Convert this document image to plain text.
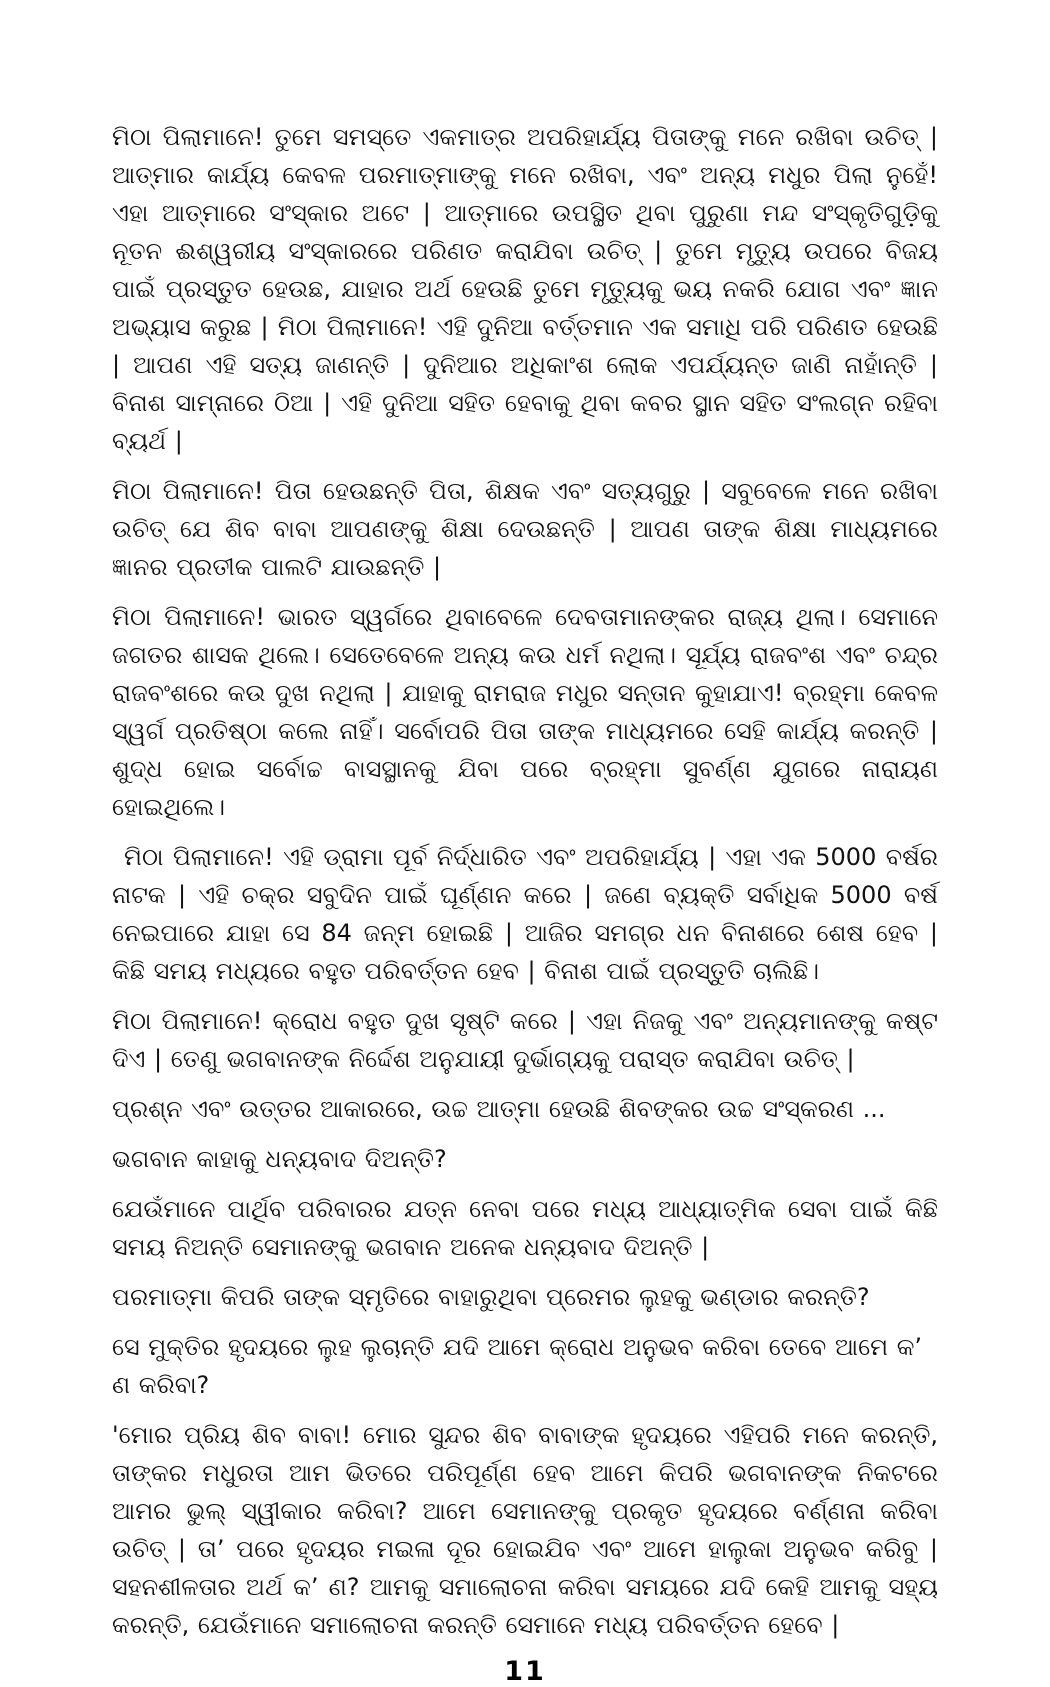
ମିଠା ପିଲାମାନେ! ତୁମେ ସମସ୍ତେ ଏକମାତ୍ର ଅପରିହାର୍ଯ୍ୟ ପିତାଙ୍କୁ ମନେ ରଖିବା ଉଚିତ୍ | ଆତ୍ମାର କାର୍ଯ୍ୟ କେବଳ ପରମାତ୍ମାଙ୍କୁ ମନେ ରଖିବା, ଏବଂ ଅନ୍ୟ ମଧୁର ପିଲା ନୁହେଁ! ଏହା ଆତ୍ମାରେ ସଂସ୍କାର ଅଟେ | ଆତ୍ମାରେ ଉପସ୍ଥିତ ଥିବା ପୁରୁଣା ମନ୍ଦ ସଂସ୍କୃତିଗୁଡ଼ିକୁ ନୂତନ ଈଶ୍ୱରୀୟ ସଂସ୍କାରରେ ପରିଣତ କରାଯିବା ଉଚିତ୍ | ତୁମେ ମୃତ୍ୟୁ ଉପରେ ବିଜୟ ପାଇଁ ପ୍ରସ୍ତୁତ ହେଉଛ, ଯାହାର ଅର୍ଥ ହେଉଛି ତୁମେ ମୃତ୍ୟୁକୁ ଭୟ ନକରି ଯୋଗ ଏବଂ ଜ୍ଞାନ ଅଭ୍ୟାସ କରୁଛ | ମିଠା ପିଲାମାନେ! ଏହି ଦୁନିଆ ବର୍ତ୍ତମାନ ଏକ ସମାଧି ପରି ପରିଣତ ହେଉଛି | ଆପଣ ଏହି ସତ୍ୟ ଜାଣନ୍ତି | ଦୁନିଆର ଅଧିକାଂଶ ଲୋକ ଏପର୍ଯ୍ୟନ୍ତ ଜାଣି ନାହାଁନ୍ତି | ବିନାଶ ସାମ୍ନାରେ ଠିଆ | ଏହି ଦୁନିଆ ସହିତ ହେବାକୁ ଥିବା କବର ସ୍ଥାନ ସହିତ ସଂଲଗ୍ନ ରହିବା ବ୍ୟର୍ଥ |

ମିଠା ପିଲାମାନେ! ପିତା ହେଉଛନ୍ତି ପିତା, ଶିକ୍ଷକ ଏବଂ ସତ୍ୟଗୁରୁ | ସବୁବେଳେ ମନେ ରଖିବା ଉଚିତ୍ ଯେ ଶିବ ବାବା ଆପଣଙ୍କୁ ଶିକ୍ଷା ଦେଉଛନ୍ତି | ଆପଣ ତାଙ୍କ ଶିକ୍ଷା ମାଧ୍ୟମରେ ଜ୍ଞାନର ପ୍ରତୀକ ପାଲଟି ଯାଉଛନ୍ତି |

ମିଠା ପିଲାମାନେ! ଭାରତ ସ୍ୱର୍ଗରେ ଥିବାବେଳେ ଦେବତାମାନଙ୍କର ରାଜ୍ୟ ଥିଲା। ସେମାନେ ଜଗତର ଶାସକ ଥିଲେ। ସେତେବେଳେ ଅନ୍ୟ କଉ ଧର୍ମ ନଥିଲା। ସୂର୍ଯ୍ୟ ରାଜବଂଶ ଏବଂ ଚନ୍ଦ୍ର ରାଜବଂଶରେ କଉ ଦୁଖ ନଥିଲା | ଯାହାକୁ ରାମରାଜ ମଧୁର ସନ୍ତାନ କୁହାଯାଏ! ବ୍ରହ୍ମା କେବଳ ସ୍ୱର୍ଗ ପ୍ରତିଷ୍ଠା କଲେ ନାହିଁ। ସର୍ବୋପରି ପିତା ତାଙ୍କ ମାଧ୍ୟମରେ ସେହି କାର୍ଯ୍ୟ କରନ୍ତି | ଶୁଦ୍ଧ ହୋଇ ସର୍ବୋଚ୍ଚ ବାସସ୍ଥାନକୁ ଯିବା ପରେ ବ୍ରହ୍ମା ସୁବର୍ଣ୍ଣ ଯୁଗରେ ନାରାୟଣ ହୋଇଥିଲେ।

ମିଠା ପିଲାମାନେ! ଏହି ଡ୍ରାମା ପୂର୍ବ ନିର୍ଦ୍ଧାରିତ ଏବଂ ଅପରିହାର୍ଯ୍ୟ | ଏହା ଏକ 5000 ବର୍ଷର ନାଟକ | ଏହି ଚକ୍ର ସବୁଦିନ ପାଇଁ ଘୂର୍ଣ୍ଣନ କରେ | ଜଣେ ବ୍ୟକ୍ତି ସର୍ବାଧିକ 5000 ବର୍ଷ ନେଇପାରେ ଯାହା ସେ 84 ଜନ୍ମ ହୋଇଛି | ଆଜିର ସମଗ୍ର ଧନ ବିନାଶରେ ଶେଷ ହେବ | କିଛି ସମୟ ମଧ୍ୟରେ ବହୁତ ପରିବର୍ତ୍ତନ ହେବ | ବିନାଶ ପାଇଁ ପ୍ରସ୍ତୁତି ଚାଲିଛି।

ମିଠା ପିଲାମାନେ! କ୍ରୋଧ ବହୁତ ଦୁଖ ସୃଷ୍ଟି କରେ | ଏହା ନିଜକୁ ଏବଂ ଅନ୍ୟମାନଙ୍କୁ କଷ୍ଟ ଦିଏ | ତେଣୁ ଭଗବାନଙ୍କ ନିର୍ଦ୍ଦେଶ ଅନୁଯାୟୀ ଦୁର୍ଭାଗ୍ୟକୁ ପରାସ୍ତ କରାଯିବା ଉଚିତ୍ |

ପ୍ରଶ୍ନ ଏବଂ ଉତ୍ତର ଆକାରରେ, ଉଚ୍ଚ ଆତ୍ମା ହେଉଛି ଶିବଙ୍କର ଉଚ୍ଚ ସଂସ୍କରଣ ...

ଭଗବାନ କାହାକୁ ଧନ୍ୟବାଦ ଦିଅନ୍ତି?

ଯେଉଁମାନେ ପାର୍ଥିବ ପରିବାରର ଯତ୍ନ ନେବା ପରେ ମଧ୍ୟ ଆଧ୍ୟାତ୍ମିକ ସେବା ପାଇଁ କିଛି ସମୟ ନିଅନ୍ତି ସେମାନଙ୍କୁ ଭଗବାନ ଅନେକ ଧନ୍ୟବାଦ ଦିଅନ୍ତି |

ପରମାତ୍ମା କିପରି ତାଙ୍କ ସ୍ମୃତିରେ ବାହାରୁଥିବା ପ୍ରେମର ଲୁହକୁ ଭଣ୍ଡାର କରନ୍ତି?

ସେ ମୁକ୍ତିର ହୃଦୟରେ ଲୁହ ଲୁଚାନ୍ତି ଯଦି ଆମେ କ୍ରୋଧ ଅନୁଭବ କରିବା ତେବେ ଆମେ କ’ ଣ କରିବା?

'ମୋର ପ୍ରିୟ ଶିବ ବାବା! ମୋର ସୁନ୍ଦର ଶିବ ବାବାଙ୍କ ହୃଦୟରେ ଏହିପରି ମନେ କରନ୍ତି, ତାଙ୍କର ମଧୁରତା ଆମ ଭିତରେ ପରିପୂର୍ଣ୍ଣ ହେବ ଆମେ କିପରି ଭଗବାନଙ୍କ ନିକଟରେ ଆମର ଭୁଲ୍ ସ୍ୱୀକାର କରିବା? ଆମେ ସେମାନଙ୍କୁ ପ୍ରକୃତ ହୃଦୟରେ ବର୍ଣ୍ଣନା କରିବା ଉଚିତ୍ | ତା’ ପରେ ହୃଦୟର ମଇଳା ଦୂର ହୋଇଯିବ ଏବଂ ଆମେ ହାଲୁକା ଅନୁଭବ କରିବୁ | ସହନଶୀଳତାର ଅର୍ଥ କ’ ଣ? ଆମକୁ ସମାଲୋଚନା କରିବା ସମୟରେ ଯଦି କେହି ଆମକୁ ସହ୍ୟ କରନ୍ତି, ଯେଉଁମାନେ ସମାଲୋଚନା କରନ୍ତି ସେମାନେ ମଧ୍ୟ ପରିବର୍ତ୍ତନ ହେବେ |

11
